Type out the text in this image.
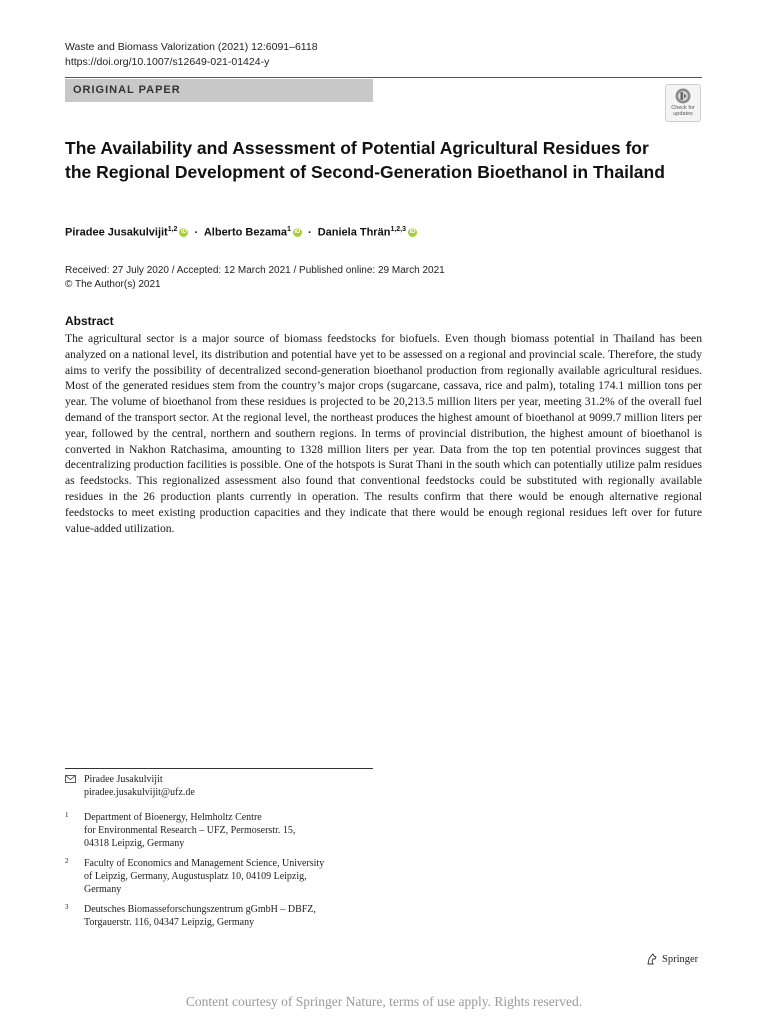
Waste and Biomass Valorization (2021) 12:6091–6118
https://doi.org/10.1007/s12649-021-01424-y
ORIGINAL PAPER
Check for
updates
The Availability and Assessment of Potential Agricultural Residues for the Regional Development of Second-Generation Bioethanol in Thailand
Piradee Jusakulvijit$^{1,2}$ iD · Alberto Bezama$^1$ iD · Daniela Thrän$^{1,2,3}$ iD
Received: 27 July 2020 / Accepted: 12 March 2021 / Published online: 29 March 2021
© The Author(s) 2021
Abstract
The agricultural sector is a major source of biomass feedstocks for biofuels. Even though biomass potential in Thailand has been analyzed on a national level, its distribution and potential have yet to be assessed on a regional and provincial scale. Therefore, the study aims to verify the possibility of decentralized second-generation bioethanol production from regionally available agricultural residues. Most of the generated residues stem from the country’s major crops (sugarcane, cassava, rice and palm), totaling 174.1 million tons per year. The volume of bioethanol from these residues is projected to be 20,213.5 million liters per year, meeting 31.2% of the overall fuel demand of the transport sector. At the regional level, the northeast produces the highest amount of bioethanol at 9099.7 million liters per year, followed by the central, northern and southern regions. In terms of provincial distribution, the highest amount of bioethanol is converted in Nakhon Ratchasima, amounting to 1328 million liters per year. Data from the top ten potential provinces suggest that decentralizing production facilities is possible. One of the hotspots is Surat Thani in the south which can potentially utilize palm residues as feedstocks. This regionalized assessment also found that conventional feedstocks could be substituted with regionally available residues in the 26 production plants currently in operation. The results confirm that there would be enough alternative regional feedstocks to meet existing production capacities and they indicate that there would be enough regional residues left over for future value-added utilization.
Piradee Jusakulvijit
piradee.jusakulvijit@ufz.de
1 Department of Bioenergy, Helmholtz Centre
for Environmental Research – UFZ, Permoserstr. 15,
04318 Leipzig, Germany
2 Faculty of Economics and Management Science, University
of Leipzig, Germany, Augustusplatz 10, 04109 Leipzig,
Germany
3 Deutsches Biomasseforschungszentrum gGmbH – DBFZ,
Torgauerstr. 116, 04347 Leipzig, Germany
Springer
Content courtesy of Springer Nature, terms of use apply. Rights reserved.
